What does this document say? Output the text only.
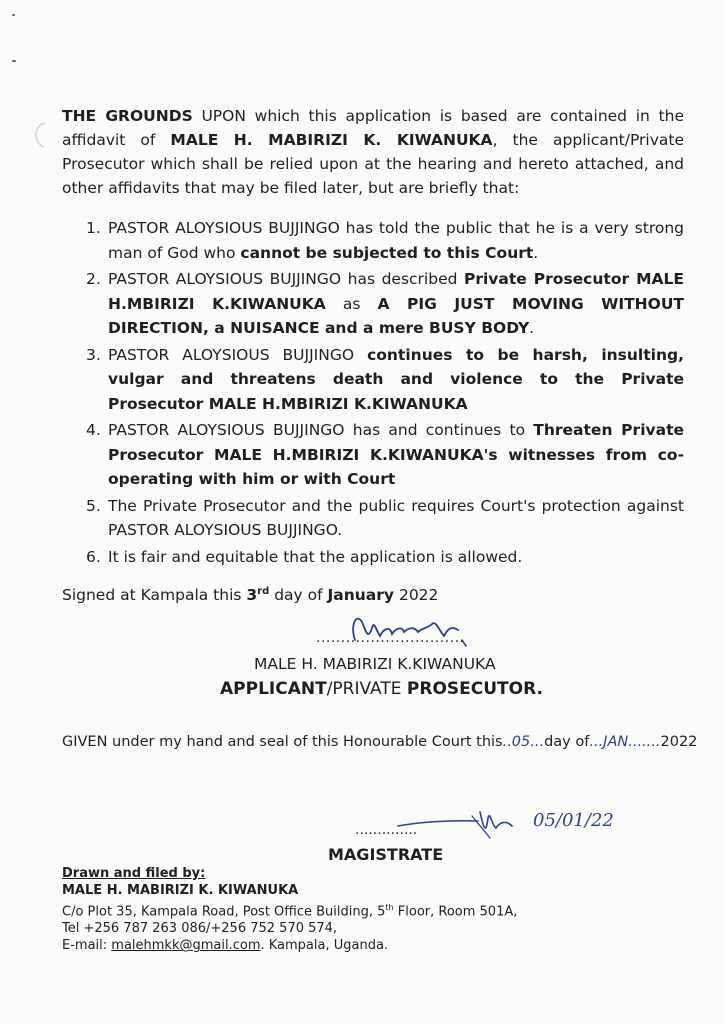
THE GROUNDS UPON which this application is based are contained in the affidavit of MALE H. MABIRIZI K. KIWANUKA, the applicant/Private Prosecutor which shall be relied upon at the hearing and hereto attached, and other affidavits that may be filed later, but are briefly that:
1. PASTOR ALOYSIOUS BUJJINGO has told the public that he is a very strong man of God who cannot be subjected to this Court.
2. PASTOR ALOYSIOUS BUJJINGO has described Private Prosecutor MALE H.MBIRIZI K.KIWANUKA as A PIG JUST MOVING WITHOUT DIRECTION, a NUISANCE and a mere BUSY BODY.
3. PASTOR ALOYSIOUS BUJJINGO continues to be harsh, insulting, vulgar and threatens death and violence to the Private Prosecutor MALE H.MBIRIZI K.KIWANUKA
4. PASTOR ALOYSIOUS BUJJINGO has and continues to Threaten Private Prosecutor MALE H.MBIRIZI K.KIWANUKA's witnesses from co-operating with him or with Court
5. The Private Prosecutor and the public requires Court's protection against PASTOR ALOYSIOUS BUJJINGO.
6. It is fair and equitable that the application is allowed.
Signed at Kampala this 3rd day of January 2022
..............................
MALE H. MABIRIZI K.KIWANUKA
APPLICANT/PRIVATE PROSECUTOR.
GIVEN under my hand and seal of this Honourable Court this..05...day of...JAN.......2022
05/01/22
..............
MAGISTRATE
Drawn and filed by:
MALE H. MABIRIZI K. KIWANUKA
C/o Plot 35, Kampala Road, Post Office Building, 5th Floor, Room 501A,
Tel +256 787 263 086/+256 752 570 574,
E-mail: malehmkk@gmail.com. Kampala, Uganda.
